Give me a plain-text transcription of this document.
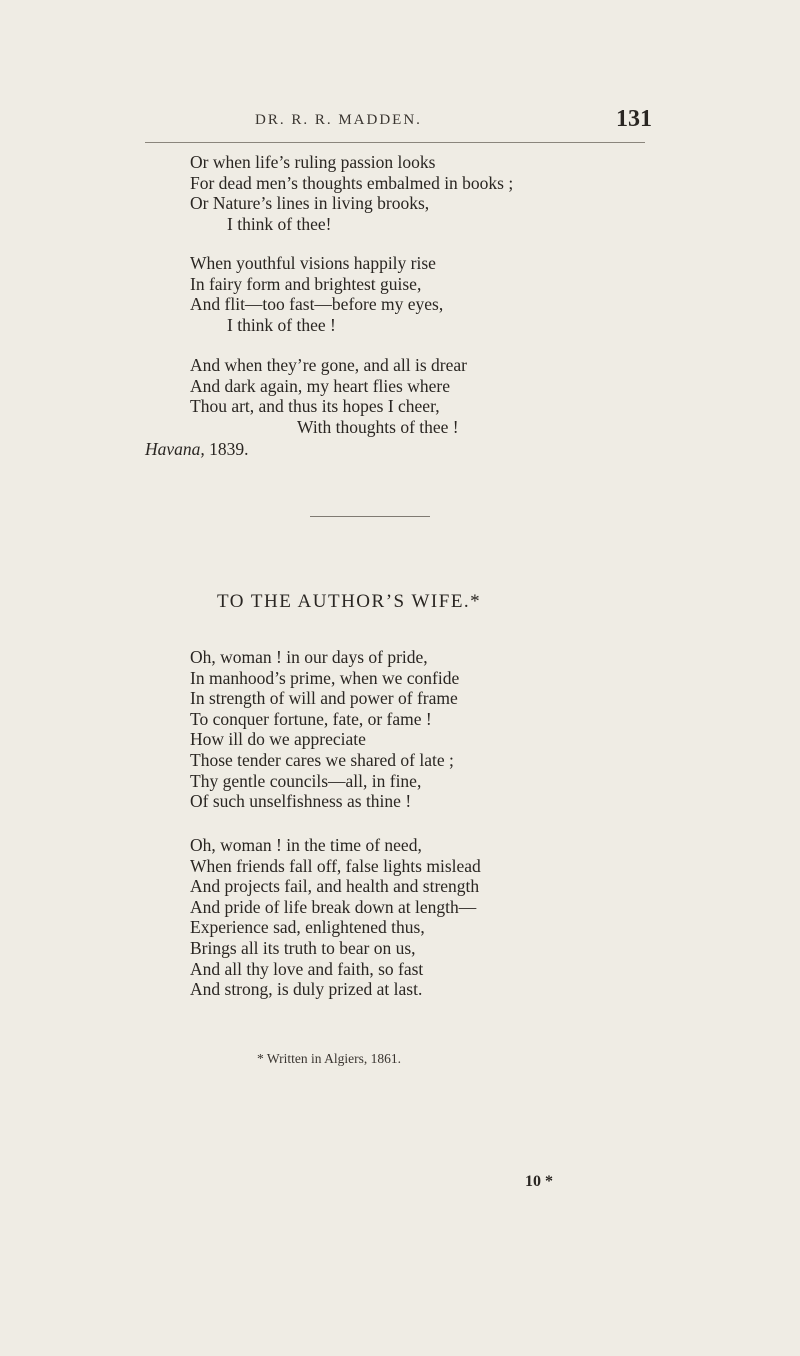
DR. R. R. MADDEN.	131
Or when life’s ruling passion looks
For dead men’s thoughts embalmed in books ;
Or Nature’s lines in living brooks,
I think of thee!
When youthful visions happily rise
In fairy form and brightest guise,
And flit—too fast—before my eyes,
I think of thee !
And when they’re gone, and all is drear
And dark again, my heart flies where
Thou art, and thus its hopes I cheer,
With thoughts of thee !
Havana, 1839.
TO THE AUTHOR’S WIFE.*
Oh, woman ! in our days of pride,
In manhood’s prime, when we confide
In strength of will and power of frame
To conquer fortune, fate, or fame !
How ill do we appreciate
Those tender cares we shared of late ;
Thy gentle councils—all, in fine,
Of such unselfishness as thine !
Oh, woman ! in the time of need,
When friends fall off, false lights mislead
And projects fail, and health and strength
And pride of life break down at length—
Experience sad, enlightened thus,
Brings all its truth to bear on us,
And all thy love and faith, so fast
And strong, is duly prized at last.
* Written in Algiers, 1861.
10 *
